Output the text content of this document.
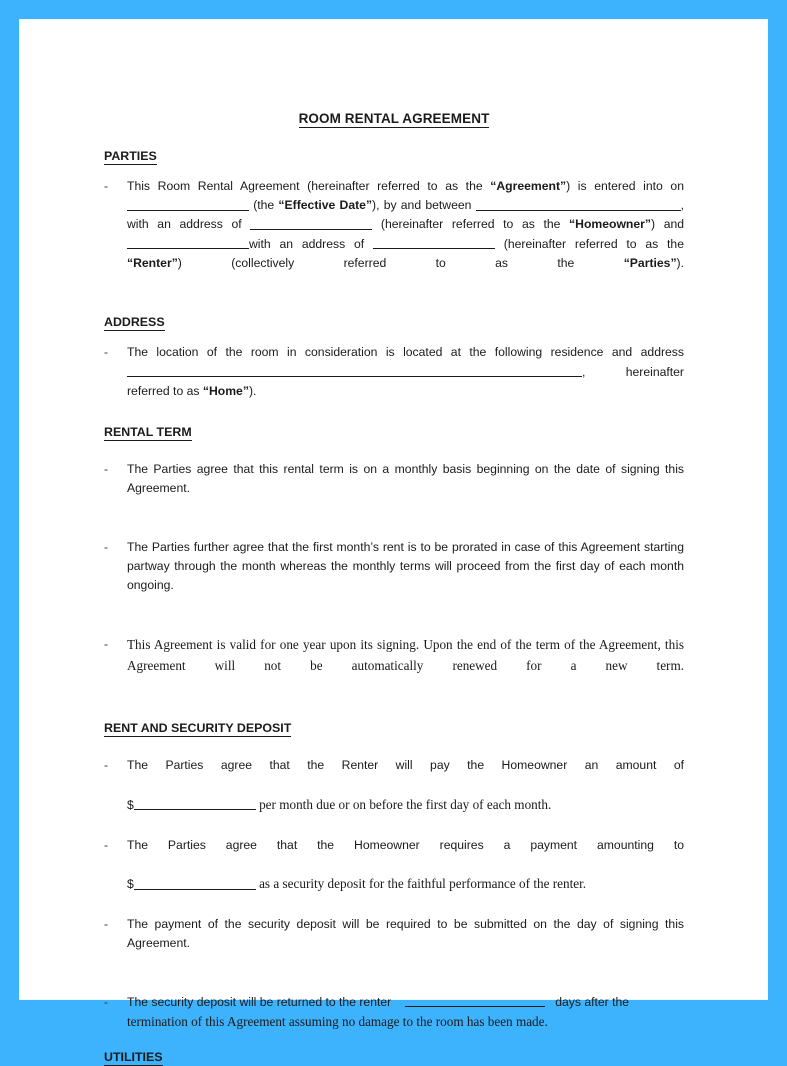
ROOM RENTAL AGREEMENT
PARTIES
-	This Room Rental Agreement (hereinafter referred to as the “Agreement”) is entered into on  (the “Effective Date”), by and between	, with an address of	(hereinafter referred to as the “Homeowner”) and with an address of	(hereinafter referred to as the “Renter”) (collectively referred to as the “Parties”).
ADDRESS
-	The location of the room in consideration is located at the following residence and address , hereinafter referred to as “Home”).
RENTAL TERM
-	The Parties agree that this rental term is on a monthly basis beginning on the date of signing this Agreement.
-	The Parties further agree that the first month’s rent is to be prorated in case of this Agreement starting partway through the month whereas the monthly terms will proceed from the first day of each month ongoing.
-	This Agreement is valid for one year upon its signing. Upon the end of the term of the Agreement, this Agreement will not be automatically renewed for a new term.
RENT AND SECURITY DEPOSIT
-	The Parties agree that the Renter will pay the Homeowner an amount of
$	per month due or on before the first day of each month.
-	The Parties agree that the Homeowner requires a payment amounting to
$	as a security deposit for the faithful performance of the renter.
-	The payment of the security deposit will be required to be submitted on the day of signing this Agreement.
-	The security deposit will be returned to the renter	days after the
termination of this Agreement assuming no damage to the room has been made.
UTILITIES
